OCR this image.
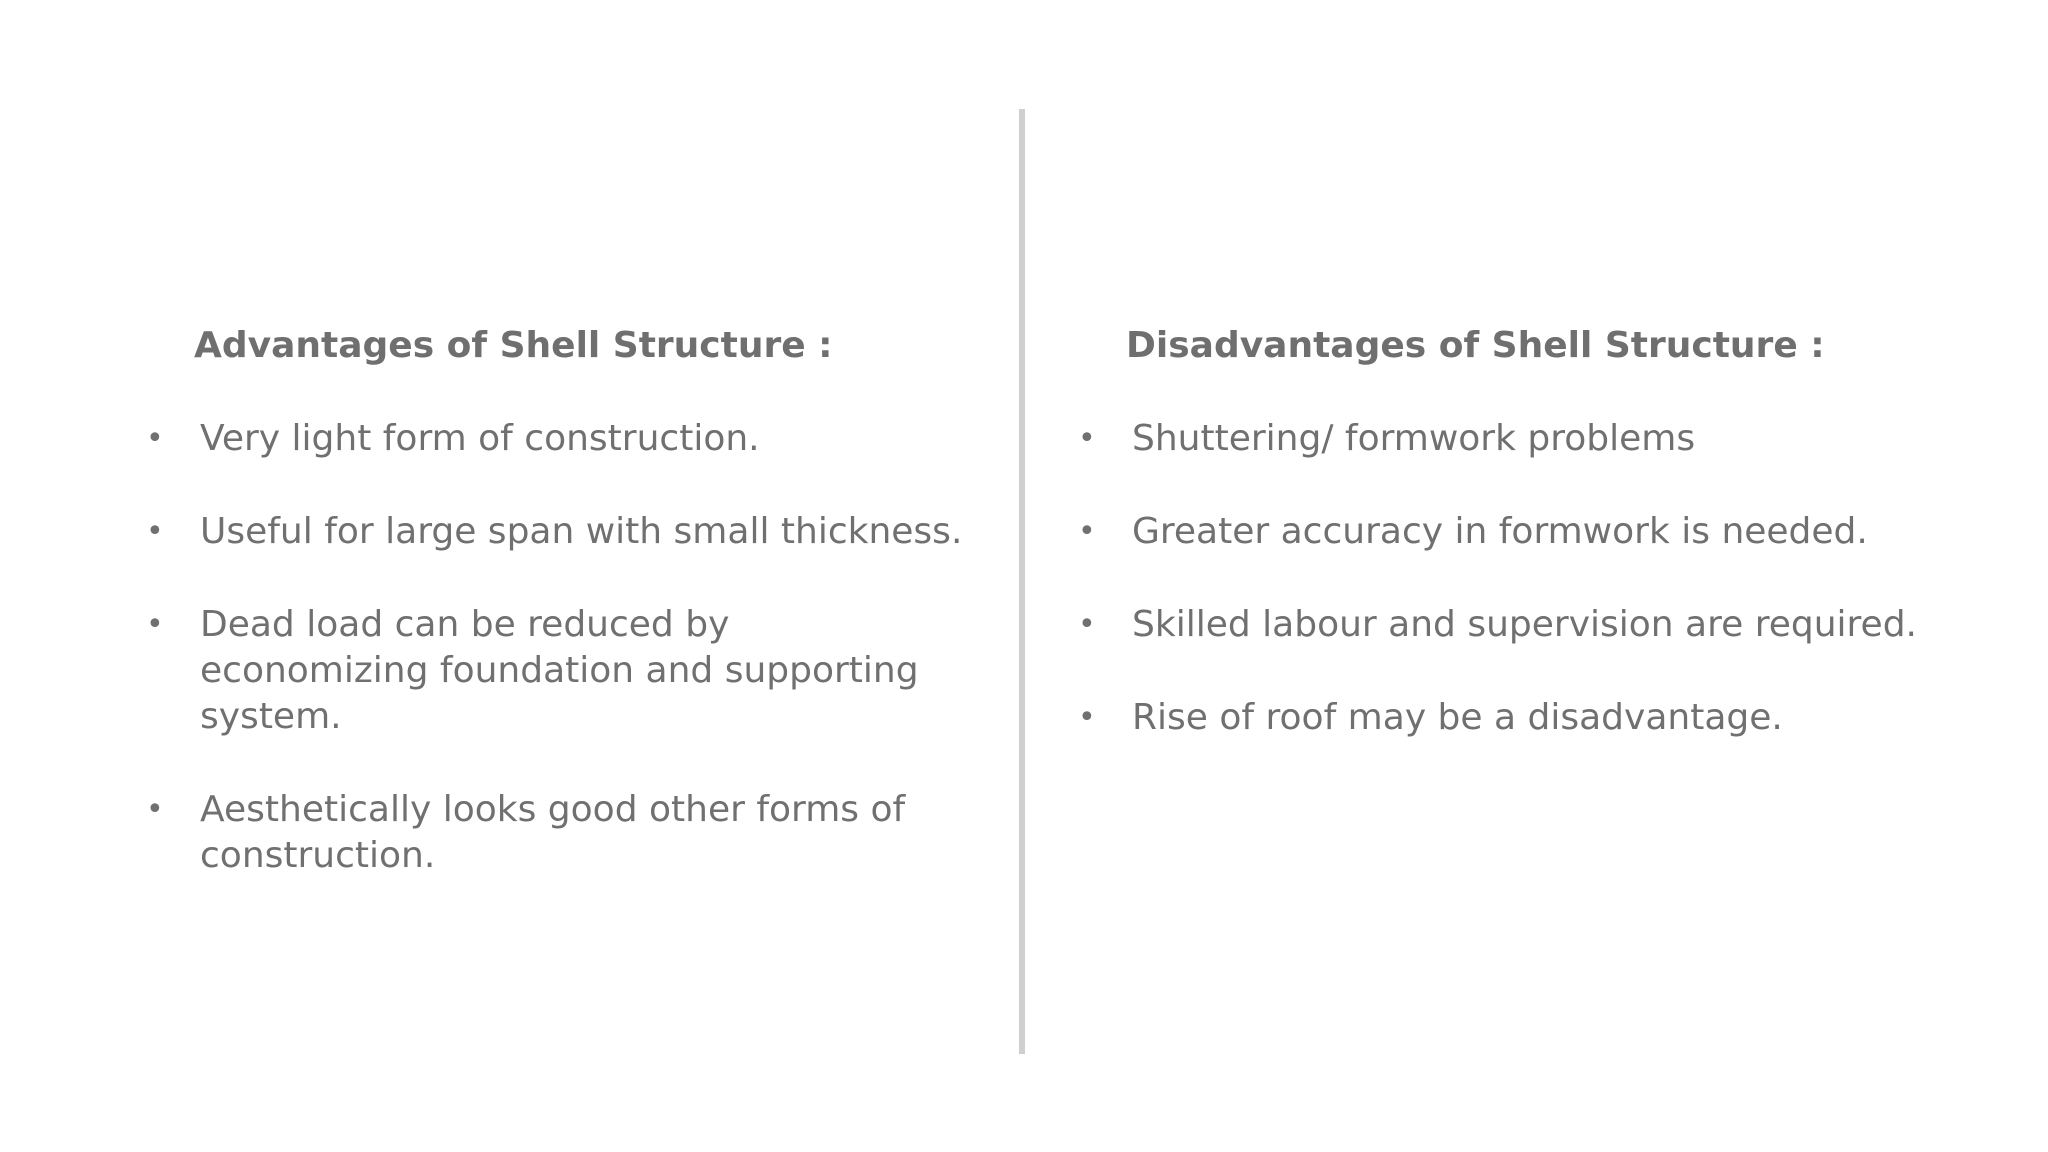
Advantages of Shell Structure :
• Very light form of construction.
• Useful for large span with small thickness.
• Dead load can be reduced by economizing foundation and supporting system.
• Aesthetically looks good other forms of construction.
Disadvantages of Shell Structure :
• Shuttering/ formwork problems
• Greater accuracy in formwork is needed.
• Skilled labour and supervision are required.
• Rise of roof may be a disadvantage.
